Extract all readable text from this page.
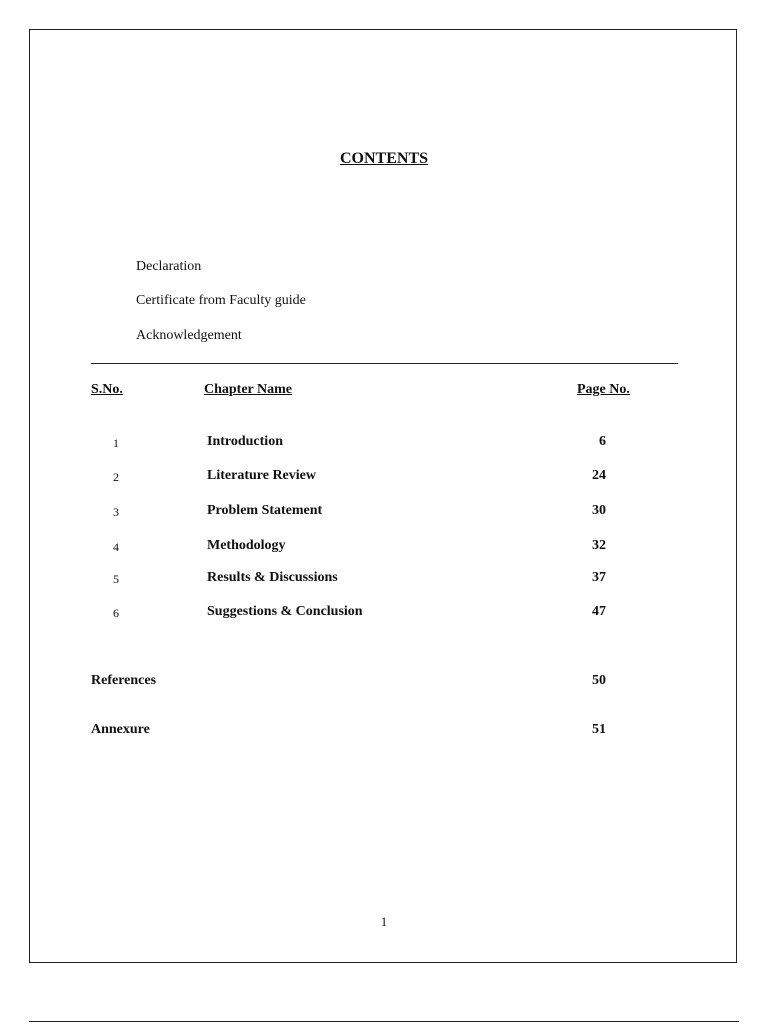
CONTENTS
Declaration
Certificate from Faculty guide
Acknowledgement
S.No.	Chapter Name	Page No.
1	Introduction	6
2	Literature Review	24
3	Problem Statement	30
4	Methodology	32
5	Results & Discussions	37
6	Suggestions & Conclusion	47
References	50
Annexure	51
1
